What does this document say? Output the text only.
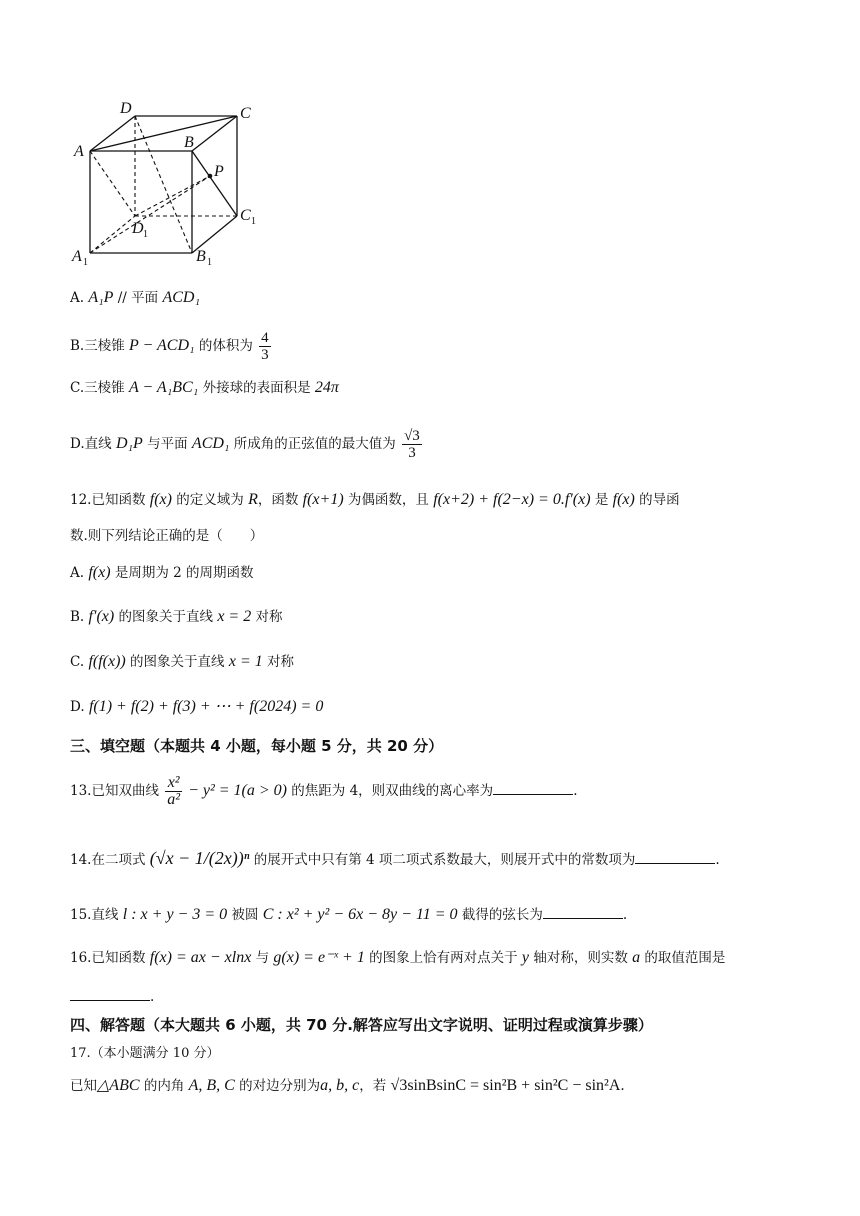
D	C
A
B
P
C 1
D 1
A 1	B 1
A. A₁P // 平面 ACD₁
B.三棱锥 P − ACD₁ 的体积为 $\frac{4}{3}$
C.三棱锥 A − A₁BC₁ 外接球的表面积是 24π
D.直线 D₁P 与平面 ACD₁ 所成角的正弦值的最大值为 $\frac{√3}{3}$
12.已知函数 f(x) 的定义域为 R，函数 f(x+1) 为偶函数，且 f(x+2) + f(2−x) = 0.f′(x) 是 f(x) 的导函
数.则下列结论正确的是（　　）
A. f(x) 是周期为 2 的周期函数
B. f′(x) 的图象关于直线 x = 2 对称
C. f(f(x)) 的图象关于直线 x = 1 对称
D. f(1) + f(2) + f(3) + ⋯ + f(2024) = 0
三、填空题（本题共 4 小题，每小题 5 分，共 20 分）
13.已知双曲线 $\frac{\text{x²}}{\text{a²}} - y^2 = 1(a > 0)$ 的焦距为 4，则双曲线的离心率为	.
14.在二项式 (√x − 1/(2x))ⁿ 的展开式中只有第 4 项二项式系数最大，则展开式中的常数项为	.
15.直线 l : x + y − 3 = 0 被圆 C : x² + y² − 6x − 8y − 11 = 0 截得的弦长为	.
16.已知函数 f(x) = ax − xlnx 与 g(x) = e⁻ˣ + 1 的图象上恰有两对点关于 y 轴对称，则实数 a 的取值范围是
.
四、解答题（本大题共 6 小题，共 70 分.解答应写出文字说明、证明过程或演算步骤）
17.（本小题满分 10 分）
已知△ABC 的内角 A, B, C 的对边分别为a, b, c，若 √3sinBsinC = sin²B + sin²C − sin²A.
